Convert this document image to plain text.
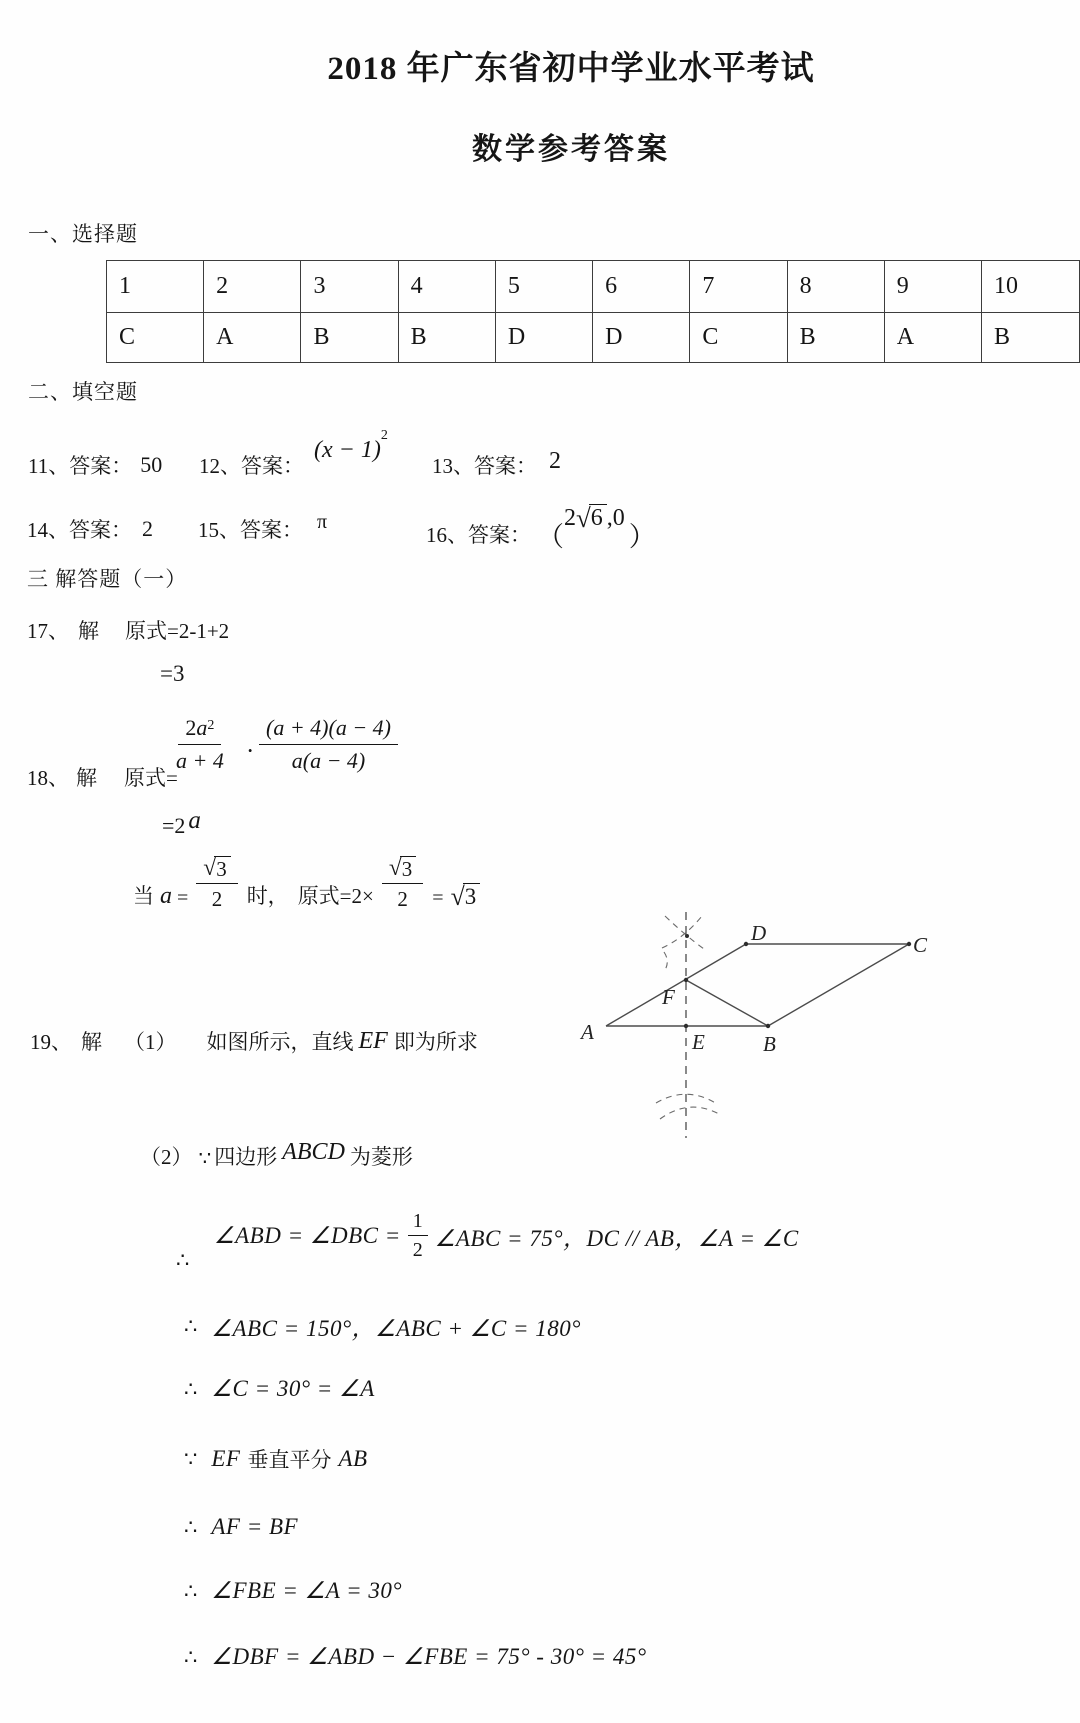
2018 年广东省初中学业水平考试
数学参考答案
一、选择题
1	2	3	4	5	6	7	8	9	10
C	A	B	B	D	D	C	B	A	B
二、填空题
11、答案： 50 12、答案：
$(x - 1)^2$
13、答案： 2
14、答案： 2 15、答案： π
16、答案： （
2 √ 6 ,0
）
三 解答题（一）
17、 解 原式=2-1+2
=3
18、 解 原式=
$\frac{2 a^2}{a + 4} \cdot \frac{(a + 4)(a - 4)}{a(a - 4)}$
=2 a
当 $a = \frac{√ 3}{2}$ 时， 原式$=2\times \frac{√ 3}{2}$ = √ 3
19、 解 （1） 如图所示，直线 EF 即为所求	A	B
C
D
E
F
（2） ∵ 四边形 ABCD 为菱形
∴
∠ABD = ∠DBC = $\frac{1}{2}$ ∠ABC = 75°，DC // AB，∠A = ∠C
∴ ∠ABC = 150°，∠ABC + ∠C = 180°
∴ ∠C = 30° = ∠A
∵ EF 垂直平分 AB
∴ AF = BF
∴ ∠FBE = ∠A = 30°
∴ ∠DBF = ∠ABD − ∠FBE = 75° - 30° = 45°
